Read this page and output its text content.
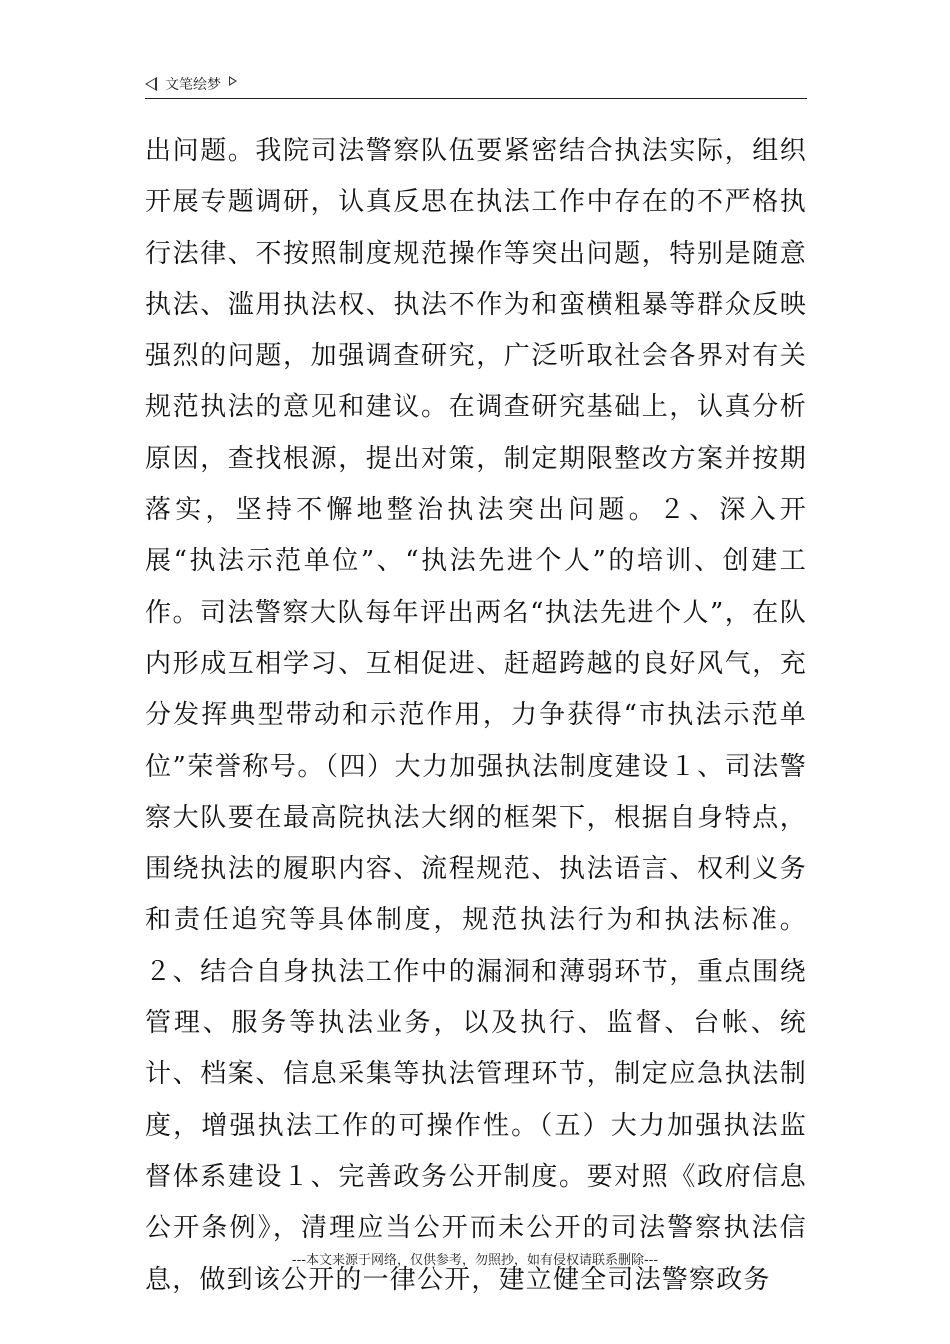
文笔绘梦
出问题。我院司法警察队伍要紧密结合执法实际，组织开展专题调研，认真反思在执法工作中存在的不严格执行法律、不按照制度规范操作等突出问题，特别是随意执法、滥用执法权、执法不作为和蛮横粗暴等群众反映强烈的问题，加强调查研究，广泛听取社会各界对有关规范执法的意见和建议。在调查研究基础上，认真分析原因，查找根源，提出对策，制定期限整改方案并按期落实，坚持不懈地整治执法突出问题。２、深入开展“执法示范单位”、“执法先进个人”的培训、创建工作。司法警察大队每年评出两名“执法先进个人”，在队内形成互相学习、互相促进、赶超跨越的良好风气，充分发挥典型带动和示范作用，力争获得“市执法示范单位”荣誉称号。（四）大力加强执法制度建设１、司法警察大队要在最高院执法大纲的框架下，根据自身特点，围绕执法的履职内容、流程规范、执法语言、权利义务和责任追究等具体制度，规范执法行为和执法标准。２、结合自身执法工作中的漏洞和薄弱环节，重点围绕管理、服务等执法业务，以及执行、监督、台帐、统计、档案、信息采集等执法管理环节，制定应急执法制度，增强执法工作的可操作性。（五）大力加强执法监督体系建设１、完善政务公开制度。要对照《政府信息公开条例》，清理应当公开而未公开的司法警察执法信息，做到该公开的一律公开，建立健全司法警察政务
---本文来源于网络，仅供参考，勿照抄，如有侵权请联系删除---
